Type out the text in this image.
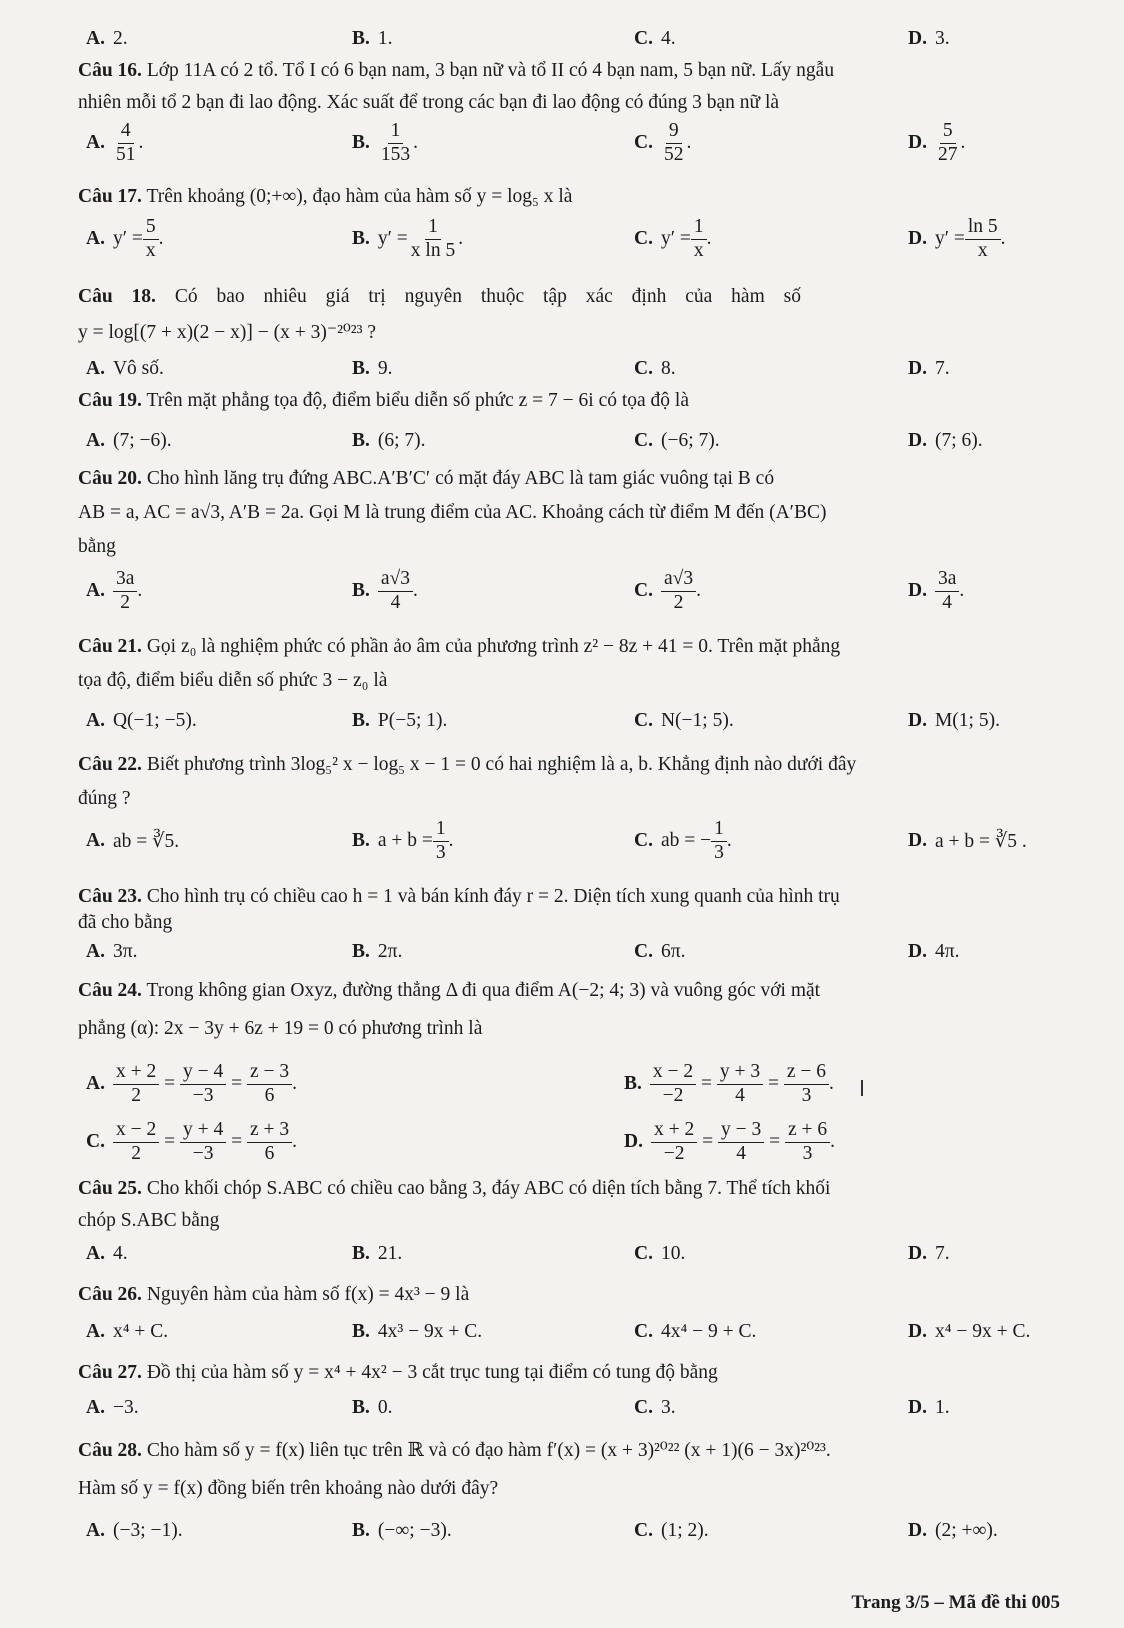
A. 2.	B. 1.	C. 4.	D. 3.
Câu 16. Lớp 11A có 2 tổ. Tổ I có 6 bạn nam, 3 bạn nữ và tổ II có 4 bạn nam, 5 bạn nữ. Lấy ngẫu
nhiên mỗi tổ 2 bạn đi lao động. Xác suất để trong các bạn đi lao động có đúng 3 bạn nữ là
A. $\frac{4}{51}$ .	B. $\frac{1}{153}$ .	C. $\frac{9}{52}$ .	D. $\frac{5}{27}$ .
Câu 17. Trên khoảng (0;+∞), đạo hàm của hàm số y = log₅ x là
A. $y' = \frac{5}{x}$ .	B. $y' = \frac{1}{\text{x ln 5}}$ .	C. $y' = \frac{1}{x}$ .	D. $y' = \frac{\ln 5}{x}$ .
Câu 18. Có bao nhiêu giá trị nguyên thuộc tập xác định của hàm số
y = log[(7 + x)(2 − x)] − (x + 3)⁻²⁰²³ ?
A. Vô số.	B. 9.	C. 8.	D. 7.
Câu 19. Trên mặt phẳng tọa độ, điểm biểu diễn số phức z = 7 − 6i có tọa độ là
A. (7; −6).	B. (6; 7).	C. (−6; 7).	D. (7; 6).
Câu 20. Cho hình lăng trụ đứng ABC.A′B′C′ có mặt đáy ABC là tam giác vuông tại B có
AB = a, AC = a√3, A′B = 2a. Gọi M là trung điểm của AC. Khoảng cách từ điểm M đến (A′BC)
bằng
A. $\frac{3a}{2}$ .	B. $\frac{a√3}{4}$ .	C. $\frac{a√3}{2}$ .	D. $\frac{3a}{4}$ .
Câu 21. Gọi z₀ là nghiệm phức có phần ảo âm của phương trình z² − 8z + 41 = 0. Trên mặt phẳng
tọa độ, điểm biểu diễn số phức 3 − z₀ là
A. Q(−1; −5).	B. P(−5; 1).	C. N(−1; 5).	D. M(1; 5).
Câu 22. Biết phương trình 3log₅² x − log₅ x − 1 = 0 có hai nghiệm là a, b. Khẳng định nào dưới đây
đúng ?
A. ab = ∛5.	B. $a + b = \frac{1}{3}$ .	C. ab = − $\frac{1}{3}$ .	D. a + b = ∛5 .
Câu 23. Cho hình trụ có chiều cao h = 1 và bán kính đáy r = 2. Diện tích xung quanh của hình trụ
đã cho bằng
A. 3π.	B. 2π.	C. 6π.	D. 4π.
Câu 24. Trong không gian Oxyz, đường thẳng Δ đi qua điểm A(−2; 4; 3) và vuông góc với mặt
phẳng (α): 2x − 3y + 6z + 19 = 0 có phương trình là
A. $\frac{x + 2}{2} = \frac{y - 4}{-3} = \frac{z - 3}{6}$ .	B. $\frac{x - 2}{-2} = \frac{y + 3}{4} = \frac{z - 6}{3}$ .
C. $\frac{x - 2}{2} = \frac{y + 4}{-3} = \frac{z + 3}{6}$ .	D. $\frac{x + 2}{-2} = \frac{y - 3}{4} = \frac{z + 6}{3}$ .
Câu 25. Cho khối chóp S.ABC có chiều cao bằng 3, đáy ABC có diện tích bằng 7. Thể tích khối
chóp S.ABC bằng
A. 4.	B. 21.	C. 10.	D. 7.
Câu 26. Nguyên hàm của hàm số f(x) = 4x³ − 9 là
A. x⁴ + C.	B. 4x³ − 9x + C.	C. 4x⁴ − 9 + C.	D. x⁴ − 9x + C.
Câu 27. Đồ thị của hàm số y = x⁴ + 4x² − 3 cắt trục tung tại điểm có tung độ bằng
A. −3.	B. 0.	C. 3.	D. 1.
Câu 28. Cho hàm số y = f(x) liên tục trên ℝ và có đạo hàm f′(x) = (x + 3)²⁰²² (x + 1)(6 − 3x)²⁰²³.
Hàm số y = f(x) đồng biến trên khoảng nào dưới đây?
A. (−3; −1).	B. (−∞; −3).	C. (1; 2).	D. (2; +∞).
Trang 3/5 – Mã đề thi 005
